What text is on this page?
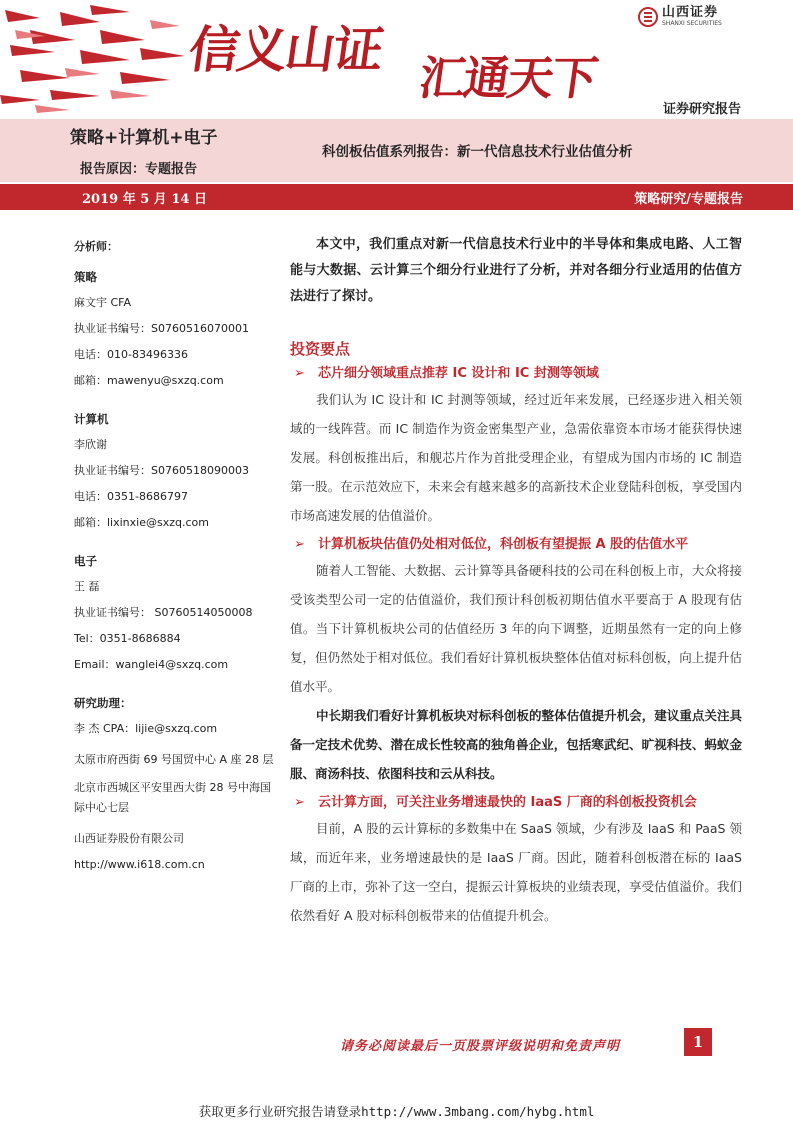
信义山证 汇通天下
山西证券
SHANXI SECURITIES
证券研究报告
策略+计算机+电子
报告原因：专题报告
科创板估值系列报告：新一代信息技术行业估值分析
2019 年 5 月 14 日	策略研究/专题报告
分析师：
策略
麻文宇 CFA
执业证书编号：S0760516070001
电话：010-83496336
邮箱：mawenyu@sxzq.com
计算机
李欣谢
执业证书编号：S0760518090003
电话：0351-8686797
邮箱：lixinxie@sxzq.com
电子
王 磊
执业证书编号： S0760514050008
Tel：0351-8686884
Email：wanglei4@sxzq.com
研究助理：
李 杰 CPA：lijie@sxzq.com
太原市府西街 69 号国贸中心 A 座 28 层
北京市西城区平安里西大街 28 号中海国际中心七层
山西证券股份有限公司
http://www.i618.com.cn

本文中，我们重点对新一代信息技术行业中的半导体和集成电路、人工智能与大数据、云计算三个细分行业进行了分析，并对各细分行业适用的估值方法进行了探讨。

投资要点
➢ 芯片细分领域重点推荐 IC 设计和 IC 封测等领域

我们认为 IC 设计和 IC 封测等领域，经过近年来发展，已经逐步进入相关领域的一线阵营。而 IC 制造作为资金密集型产业，急需依靠资本市场才能获得快速发展。科创板推出后，和舰芯片作为首批受理企业，有望成为国内市场的 IC 制造第一股。在示范效应下，未来会有越来越多的高新技术企业登陆科创板，享受国内市场高速发展的估值溢价。

➢ 计算机板块估值仍处相对低位，科创板有望提振 A 股的估值水平

随着人工智能、大数据、云计算等具备硬科技的公司在科创板上市，大众将接受该类型公司一定的估值溢价，我们预计科创板初期估值水平要高于 A 股现有估值。当下计算机板块公司的估值经历 3 年的向下调整，近期虽然有一定的向上修复，但仍然处于相对低位。我们看好计算机板块整体估值对标科创板，向上提升估值水平。

中长期我们看好计算机板块对标科创板的整体估值提升机会，建议重点关注具备一定技术优势、潜在成长性较高的独角兽企业，包括寒武纪、旷视科技、蚂蚁金服、商汤科技、依图科技和云从科技。

➢ 云计算方面，可关注业务增速最快的 IaaS 厂商的科创板投资机会

目前，A 股的云计算标的多数集中在 SaaS 领域，少有涉及 IaaS 和 PaaS 领域，而近年来，业务增速最快的是 IaaS 厂商。因此，随着科创板潜在标的 IaaS 厂商的上市，弥补了这一空白，提振云计算板块的业绩表现，享受估值溢价。我们依然看好 A 股对标科创板带来的估值提升机会。

请务必阅读最后一页股票评级说明和免责声明	1
获取更多行业研究报告请登录http://www.3mbang.com/hybg.html
